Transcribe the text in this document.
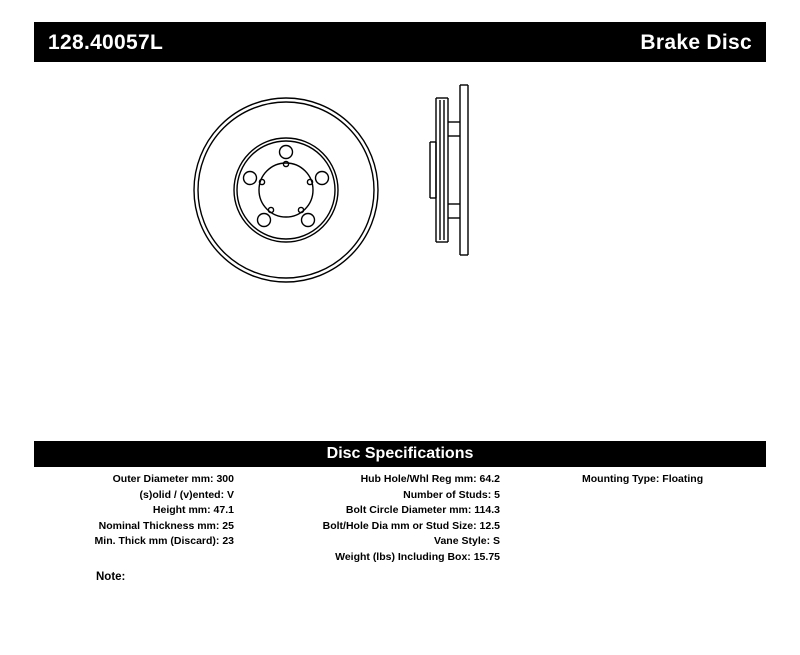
128.40057L	Brake Disc
Disc Specifications
Outer Diameter mm: 300
(s)olid / (v)ented: V
Height mm: 47.1
Nominal Thickness mm: 25
Min. Thick mm (Discard): 23
Hub Hole/Whl Reg mm: 64.2
Number of Studs: 5
Bolt Circle Diameter mm: 114.3
Bolt/Hole Dia mm or Stud Size: 12.5
Vane Style: S
Weight (lbs) Including Box: 15.75
Mounting Type: Floating
Note:
